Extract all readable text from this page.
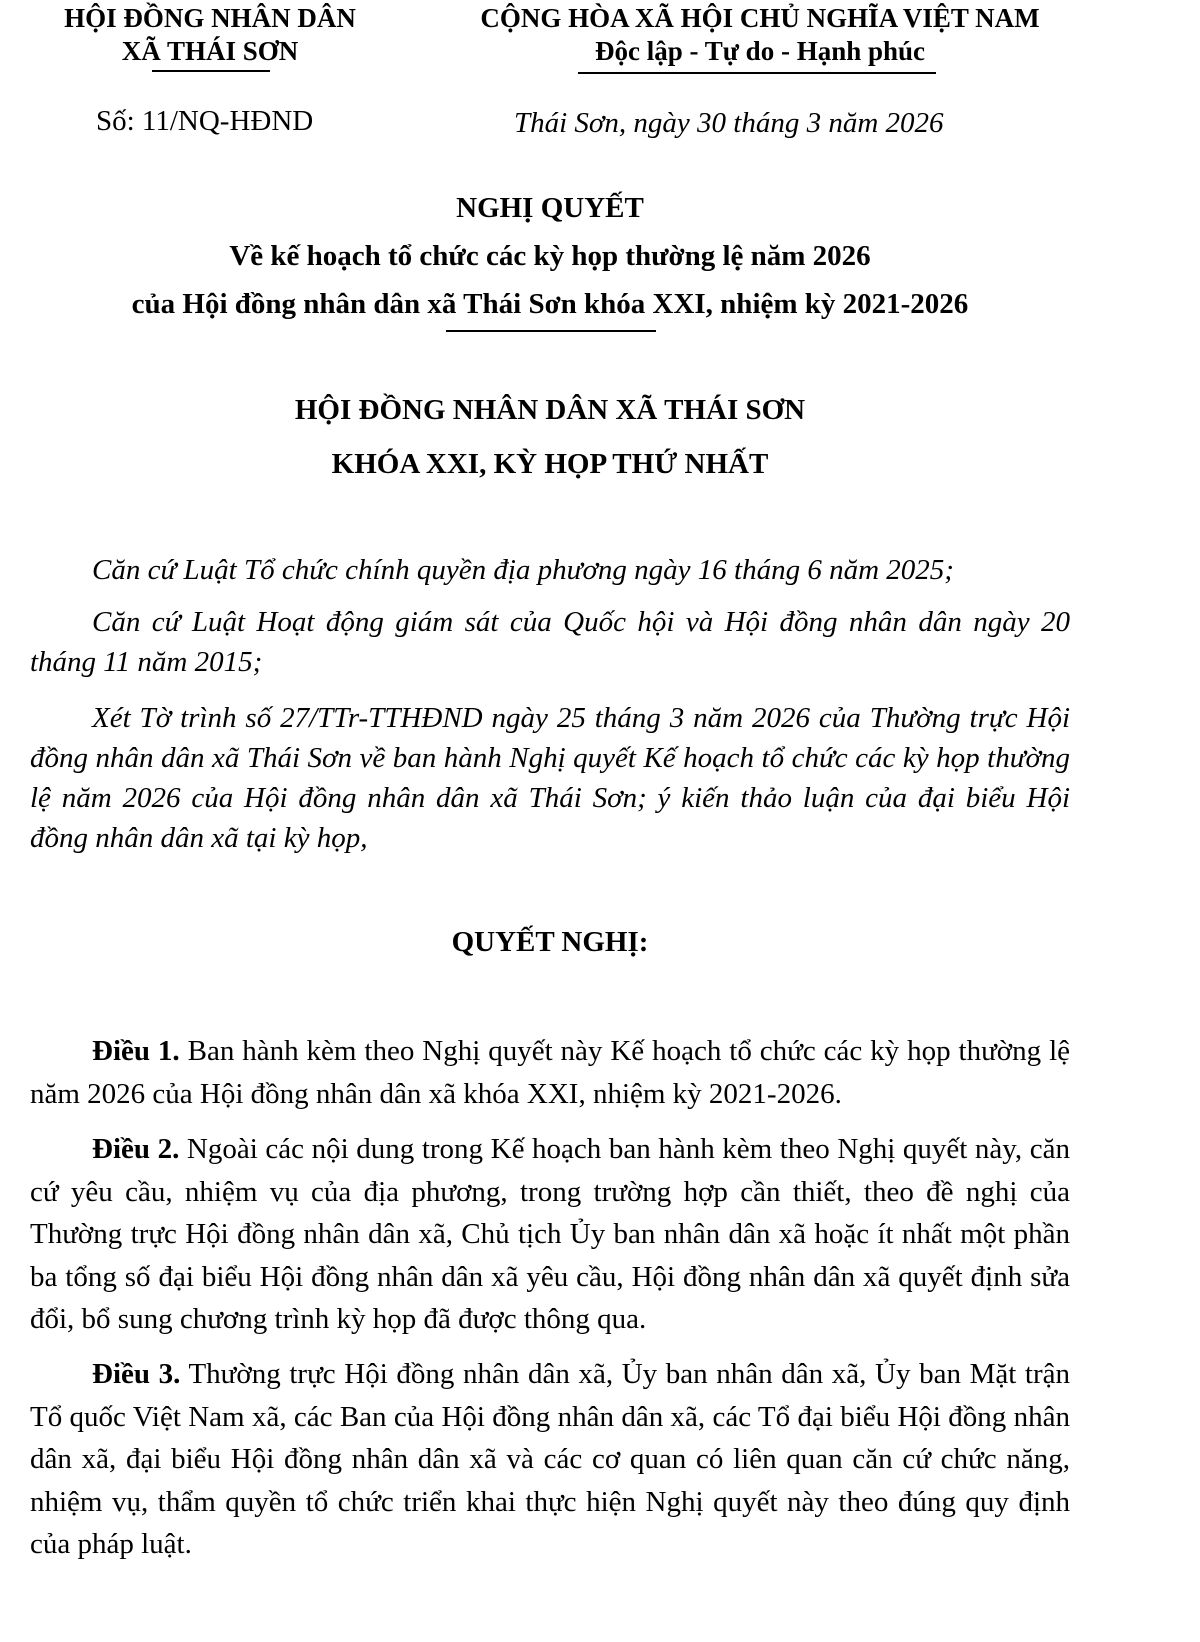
HỘI ĐỒNG NHÂN DÂN
XÃ THÁI SƠN
CỘNG HÒA XÃ HỘI CHỦ NGHĨA VIỆT NAM
Độc lập - Tự do - Hạnh phúc
Số: 11/NQ-HĐND	Thái Sơn, ngày 30 tháng 3 năm 2026
NGHỊ QUYẾT
Về kế hoạch tổ chức các kỳ họp thường lệ năm 2026
của Hội đồng nhân dân xã Thái Sơn khóa XXI, nhiệm kỳ 2021-2026
HỘI ĐỒNG NHÂN DÂN XÃ THÁI SƠN
KHÓA XXI, KỲ HỌP THỨ NHẤT
Căn cứ Luật Tổ chức chính quyền địa phương ngày 16 tháng 6 năm 2025;
Căn cứ Luật Hoạt động giám sát của Quốc hội và Hội đồng nhân dân ngày 20 tháng 11 năm 2015;
Xét Tờ trình số 27/TTr-TTHĐND ngày 25 tháng 3 năm 2026 của Thường trực Hội đồng nhân dân xã Thái Sơn về ban hành Nghị quyết Kế hoạch tổ chức các kỳ họp thường lệ năm 2026 của Hội đồng nhân dân xã Thái Sơn; ý kiến thảo luận của đại biểu Hội đồng nhân dân xã tại kỳ họp,
QUYẾT NGHỊ:
Điều 1. Ban hành kèm theo Nghị quyết này Kế hoạch tổ chức các kỳ họp thường lệ năm 2026 của Hội đồng nhân dân xã khóa XXI, nhiệm kỳ 2021-2026.
Điều 2. Ngoài các nội dung trong Kế hoạch ban hành kèm theo Nghị quyết này, căn cứ yêu cầu, nhiệm vụ của địa phương, trong trường hợp cần thiết, theo đề nghị của Thường trực Hội đồng nhân dân xã, Chủ tịch Ủy ban nhân dân xã hoặc ít nhất một phần ba tổng số đại biểu Hội đồng nhân dân xã yêu cầu, Hội đồng nhân dân xã quyết định sửa đổi, bổ sung chương trình kỳ họp đã được thông qua.
Điều 3. Thường trực Hội đồng nhân dân xã, Ủy ban nhân dân xã, Ủy ban Mặt trận Tổ quốc Việt Nam xã, các Ban của Hội đồng nhân dân xã, các Tổ đại biểu Hội đồng nhân dân xã, đại biểu Hội đồng nhân dân xã và các cơ quan có liên quan căn cứ chức năng, nhiệm vụ, thẩm quyền tổ chức triển khai thực hiện Nghị quyết này theo đúng quy định của pháp luật.
